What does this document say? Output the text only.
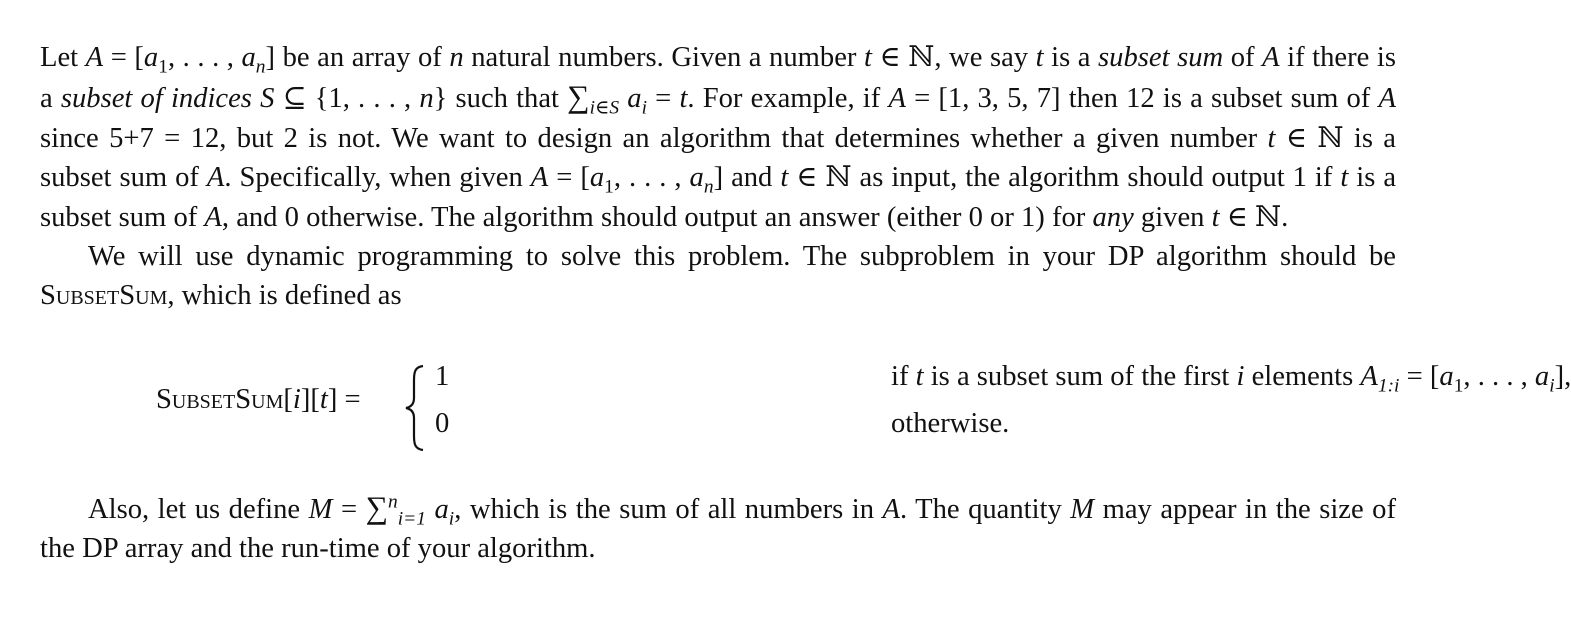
Let $A = [a_1$, . . . , $a_n$] be an array of n natural numbers. Given a number t ∈ ℕ, we say t is a subset sum of A if there is a subset of indices S ⊆ {1, . . . , n} such that $\sum_{i\in S}$ $a_i = t$. For example, if A = [1, 3, 5, 7] then 12 is a subset sum of A since 5+7 = 12, but 2 is not. We want to design an algorithm that determines whether a given number t ∈ ℕ is a subset sum of A. Specifically, when given $A = [a_1$, . . . , $a_n$] and t ∈ ℕ as input, the algorithm should output 1 if t is a subset sum of A, and 0 otherwise. The algorithm should output an answer (either 0 or 1) for any given t ∈ ℕ.

We will use dynamic programming to solve this problem. The subproblem in your DP algorithm should be SubsetSum, which is defined as

SubsetSum[i][t] =
1	if t is a subset sum of the first i elements $A_{1:i} = [a_1$, . . . , $a_i$],
0	otherwise.

Also, let us define M = ∑$^n_{i=1}$ $a_i$, which is the sum of all numbers in A. The quantity M may appear in the size of the DP array and the run-time of your algorithm.
